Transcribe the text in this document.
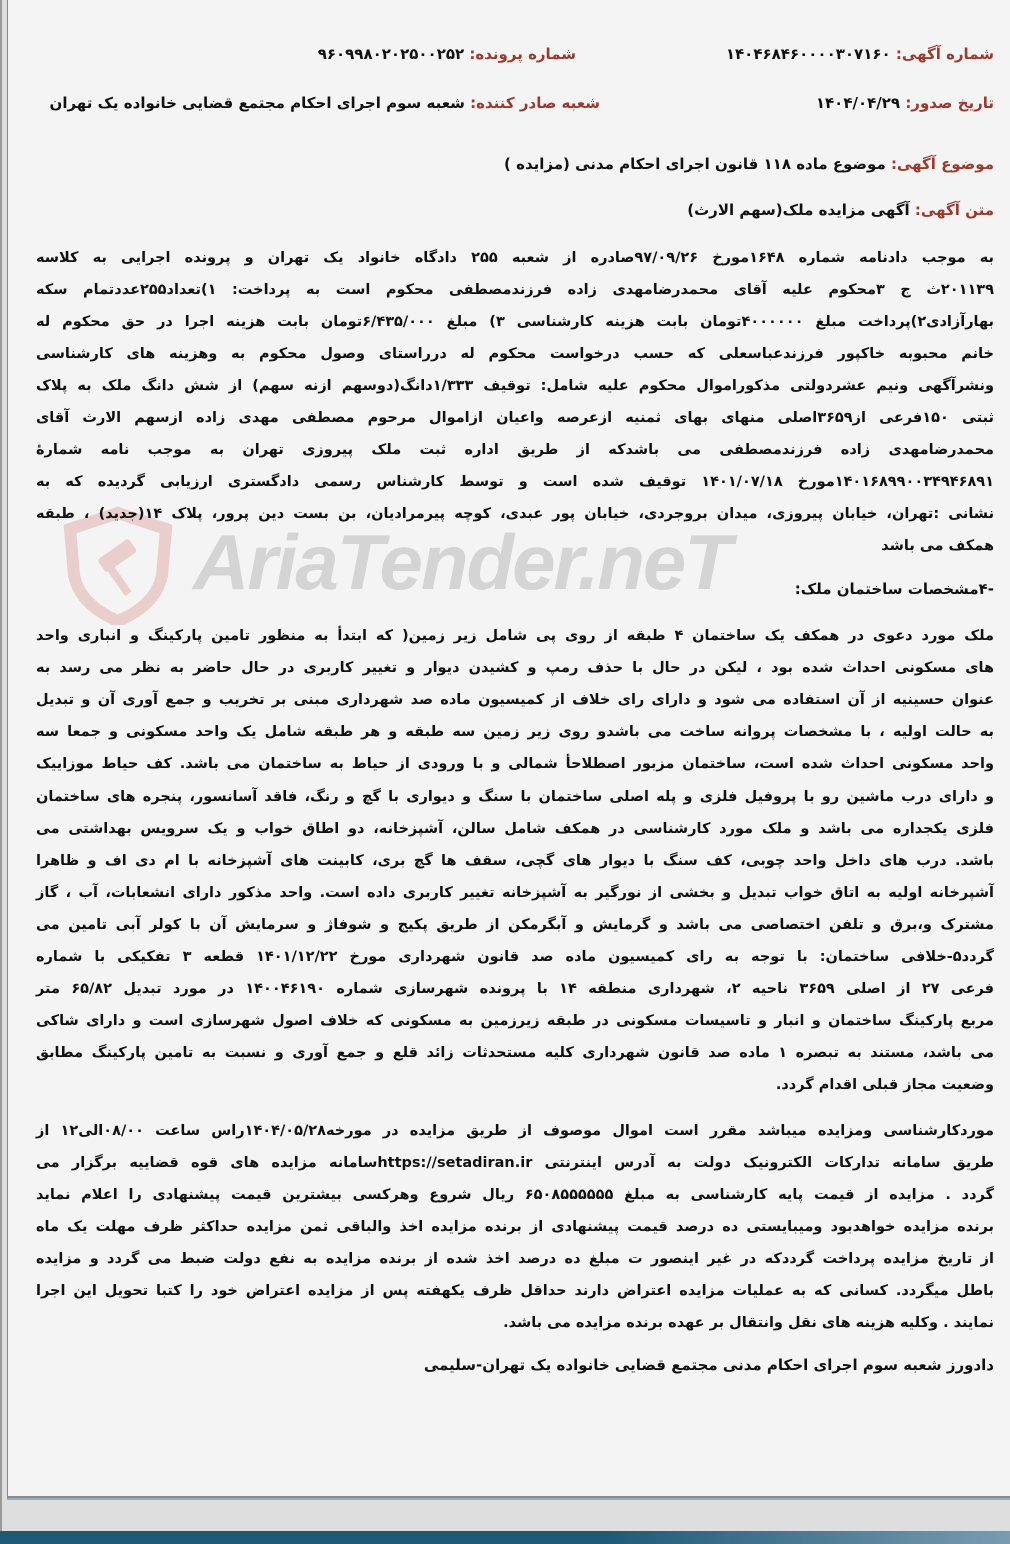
AriaTender.neT
شماره آگهی: ۱۴۰۴۶۸۴۶۰۰۰۰۳۰۷۱۶۰
شماره پرونده: ۹۶۰۹۹۸۰۲۰۲۵۰۰۲۵۲
تاریخ صدور: ۱۴۰۴/۰۴/۲۹
شعبه صادر کننده: شعبه سوم اجرای احکام مجتمع قضایی خانواده یک تهران
موضوع آگهی: موضوع ماده ۱۱۸ قانون اجرای احکام مدنی (مزایده )
متن آگهی: آگهی مزایده ملک(سهم الارث)
به موجب دادنامه شماره ۱۶۴۸مورخ ۹۷/۰۹/۲۶صادره از شعبه ۲۵۵ دادگاه خانواد یک تهران و پرونده اجرایی به کلاسه
۲۰۱۱۳۹ث ج ۳محکوم علیه آقای محمدرضامهدی زاده فرزندمصطفی محکوم است به پرداخت: ۱)تعداد۲۵۵عددتمام سکه
بهارآزادی۲)پرداخت مبلغ ۴۰۰۰۰۰۰تومان بابت هزینه کارشناسی ۳) مبلغ ۶/۴۳۵/۰۰۰تومان بابت هزینه اجرا در حق محکوم له
خانم محبوبه خاکپور فرزندعباسعلی که حسب درخواست محکوم له درراستای وصول محکوم به وهزینه های کارشناسی
ونشرآگهی ونیم عشردولتی مذکوراموال محکوم علیه شامل: توقیف ۱/۳۳۳دانگ(دوسهم ازنه سهم) از شش دانگ ملک به پلاک
ثبتی ۱۵۰فرعی از۳۶۵۹اصلی منهای بهای ثمنیه ازعرصه واعیان ازاموال مرحوم مصطفی مهدی زاده ازسهم الارث آقای
محمدرضامهدی زاده فرزندمصطفی می باشدکه از طریق اداره ثبت ملک پیروزی تهران به موجب نامه شمارهٔ
۱۴۰۱۶۸۹۹۰۰۳۴۹۴۶۸۹۱مورخ ۱۴۰۱/۰۷/۱۸ توقیف شده است و توسط کارشناس رسمی دادگستری ارزیابی گردیده که به
نشانی :تهران، خیابان پیروزی، میدان بروجردی، خیابان پور عبدی، کوچه پیرمرادیان، بن بست دین پرور، پلاک ۱۴(جدید) ، طبقه
همکف می باشد
-۴مشخصات ساختمان ملک:
ملک مورد دعوی در همکف یک ساختمان ۴ طبقه از روی پی شامل زیر زمین( که ابتدأ به منظور تامین پارکینگ و انباری واحد
های مسکونی احداث شده بود ، لیکن در حال با حذف رمپ و کشیدن دیوار و تغییر کاربری در حال حاضر به نظر می رسد به
عنوان حسینیه از آن استفاده می شود و دارای رای خلاف از کمیسیون ماده صد شهرداری مبنی بر تخریب و جمع آوری آن و تبدیل
به حالت اولیه ، با مشخصات پروانه ساخت می باشدو روی زیر زمین سه طبقه و هر طبقه شامل یک واحد مسکونی و جمعا سه
واحد مسکونی احداث شده است، ساختمان مزبور اصطلاحأ شمالی و با ورودی از حیاط به ساختمان می باشد. کف حیاط موزاییک
و دارای درب ماشین رو با پروفیل فلزی و پله اصلی ساختمان با سنگ و دیواری با گچ و رنگ، فاقد آسانسور، پنجره های ساختمان
فلزی یکجداره می باشد و ملک مورد کارشناسی در همکف شامل سالن، آشپزخانه، دو اطاق خواب و یک سرویس بهداشتی می
باشد. درب های داخل واحد چوبی، کف سنگ با دیوار های گچی، سقف ها گچ بری، کابینت های آشپزخانه با ام دی اف و ظاهرا
آشپرخانه اولیه به اتاق خواب تبدیل و بخشی از نورگیر به آشپزخانه تغییر کاربری داده است. واحد مذکور دارای انشعابات، آب ، گاز
مشترک و،برق و تلفن اختصاصی می باشد و گرمایش و آبگرمکن از طریق پکیج و شوفاژ و سرمایش آن با کولر آبی تامین می
گردد۵-خلافی ساختمان: با توجه به رای کمیسیون ماده صد قانون شهرداری مورخ ۱۴۰۱/۱۲/۲۲ قطعه ۳ تفکیکی با شماره
فرعی ۲۷ از اصلی ۳۶۵۹ ناحیه ۲، شهرداری منطقه ۱۴ با پرونده شهرسازی شماره ۱۴۰۰۴۶۱۹۰ در مورد تبدیل ۶۵/۸۲ متر
مربع پارکینگ ساختمان و انبار و تاسیسات مسکونی در طبقه زیرزمین به مسکونی که خلاف اصول شهرسازی است و دارای شاکی
می باشد، مستند به تبصره ۱ ماده صد قانون شهرداری کلیه مستحدثات زائد قلع و جمع آوری و نسبت به تامین پارکینگ مطابق
وضعیت مجاز قبلی اقدام گردد.
موردکارشناسی ومزایده میباشد مقرر است اموال موصوف از طریق مزایده در مورخه۱۴۰۴/۰۵/۲۸راس ساعت ۰۸/۰۰الی۱۲ از
طریق سامانه تدارکات الکترونیک دولت به آدرس اینترنتی https://setadiran.irسامانه مزایده های قوه قضاییه برگزار می
گردد . مزایده از قیمت پایه کارشناسی به مبلغ ۶۵۰۸۵۵۵۵۵۵ ریال شروع وهرکسی بیشترین قیمت پیشنهادی را اعلام نماید
برنده مزایده خواهدبود ومیبایستی ده درصد قیمت پیشنهادی از برنده مزایده اخذ والباقی ثمن مزایده حداکثر ظرف مهلت یک ماه
از تاریخ مزایده پرداخت گرددکه در غیر اینصور ت مبلغ ده درصد اخذ شده از برنده مزایده به نفع دولت ضبط می گردد و مزایده
باطل میگردد. کسانی که به عملیات مزایده اعتراض دارند حداقل ظرف یکهفته پس از مزایده اعتراض خود را کتبا تحویل این اجرا
نمایند . وکلیه هزینه های نقل وانتقال بر عهده برنده مزایده می باشد.
دادورز شعبه سوم اجرای احکام مدنی مجتمع قضایی خانواده یک تهران-سلیمی
